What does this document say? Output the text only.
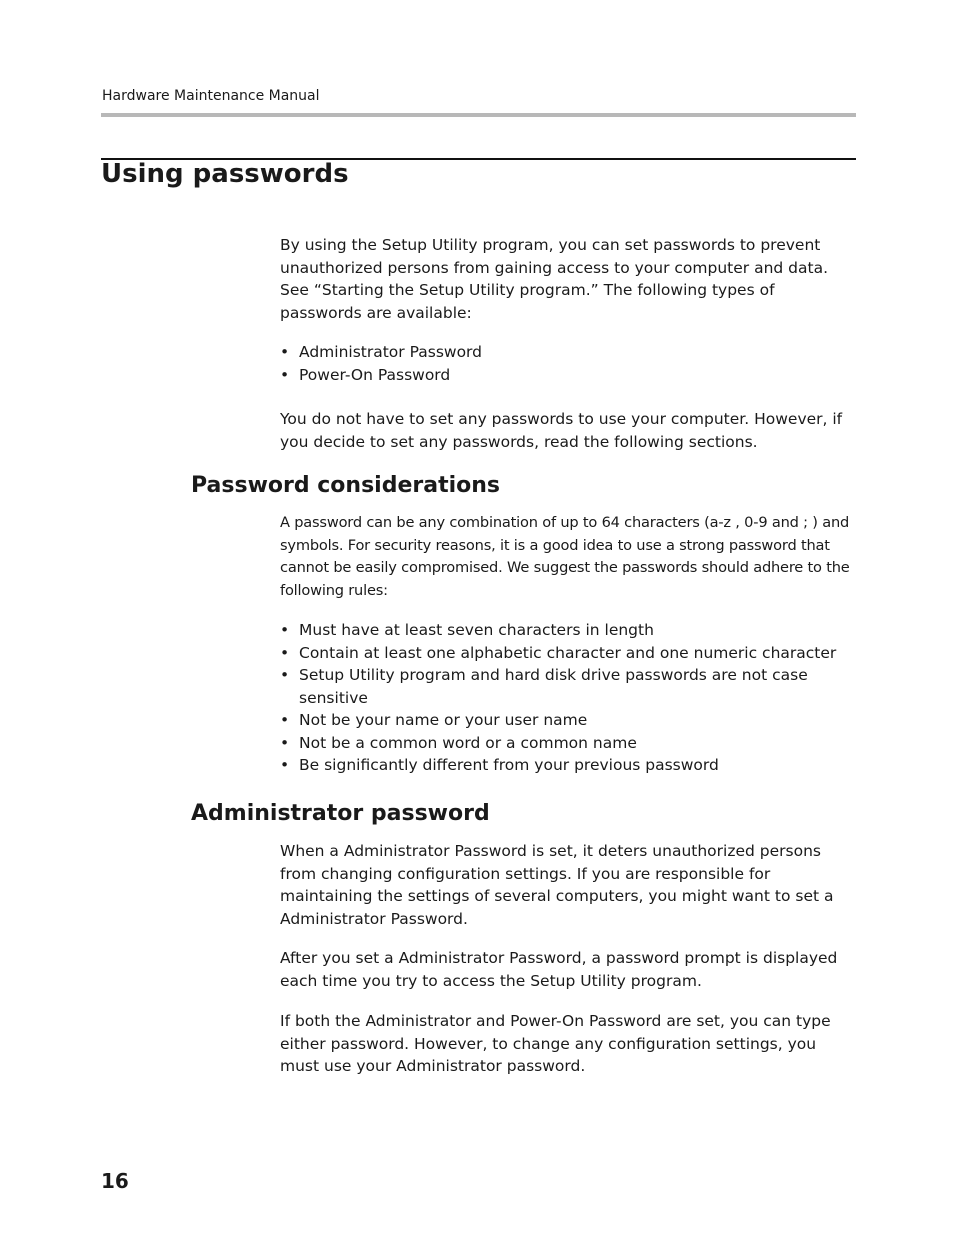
Hardware Maintenance Manual
Using passwords

By using the Setup Utility program, you can set passwords to prevent unauthorized persons from gaining access to your computer and data. See “Starting the Setup Utility program.” The following types of passwords are available:

• Administrator Password
• Power-On Password

You do not have to set any passwords to use your computer. However, if you decide to set any passwords, read the following sections.

Password considerations

A password can be any combination of up to 64 characters (a-z , 0-9 and ; ) and symbols. For security reasons, it is a good idea to use a strong password that cannot be easily compromised. We suggest the passwords should adhere to the following rules:

• Must have at least seven characters in length
• Contain at least one alphabetic character and one numeric character
• Setup Utility program and hard disk drive passwords are not case sensitive
• Not be your name or your user name
• Not be a common word or a common name
• Be significantly different from your previous password
Administrator password

When a Administrator Password is set, it deters unauthorized persons from changing configuration settings. If you are responsible for maintaining the settings of several computers, you might want to set a Administrator Password.

After you set a Administrator Password, a password prompt is displayed each time you try to access the Setup Utility program.

If both the Administrator and Power-On Password are set, you can type either password. However, to change any configuration settings, you must use your Administrator password.

16
